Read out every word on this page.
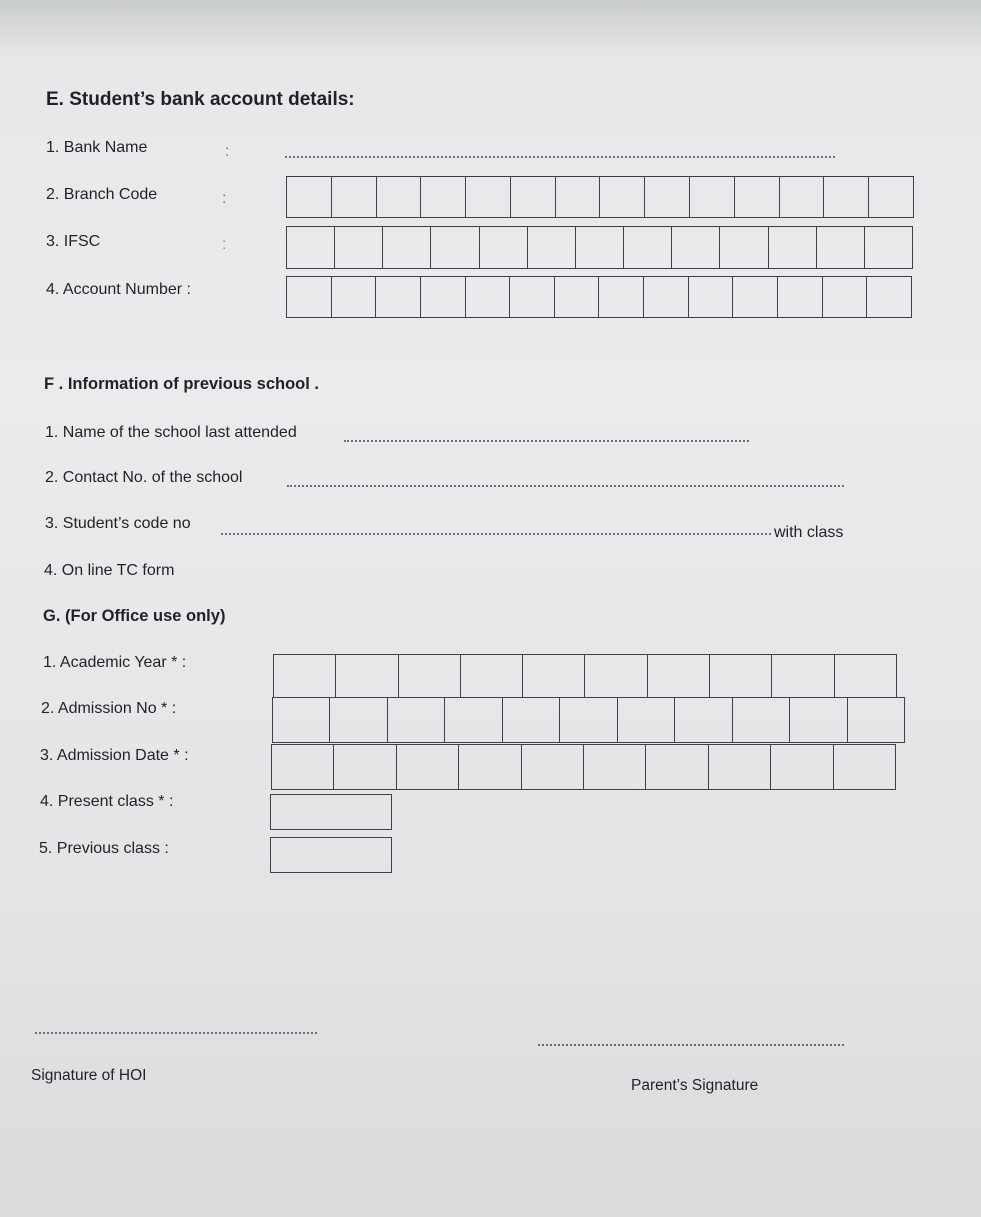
E. Student’s bank account details:
1. Bank Name	:
2. Branch Code	:
3. IFSC	:
4. Account Number :
F . Information of previous school .
1. Name of the school last attended
2. Contact No. of the school
3. Student’s code no
with class
4. On line TC form
G. (For Office use only)
1. Academic Year * :
2. Admission No * :
3. Admission Date * :
4. Present class * :
5. Previous class :
Signature of HOI
Parent’s Signature
